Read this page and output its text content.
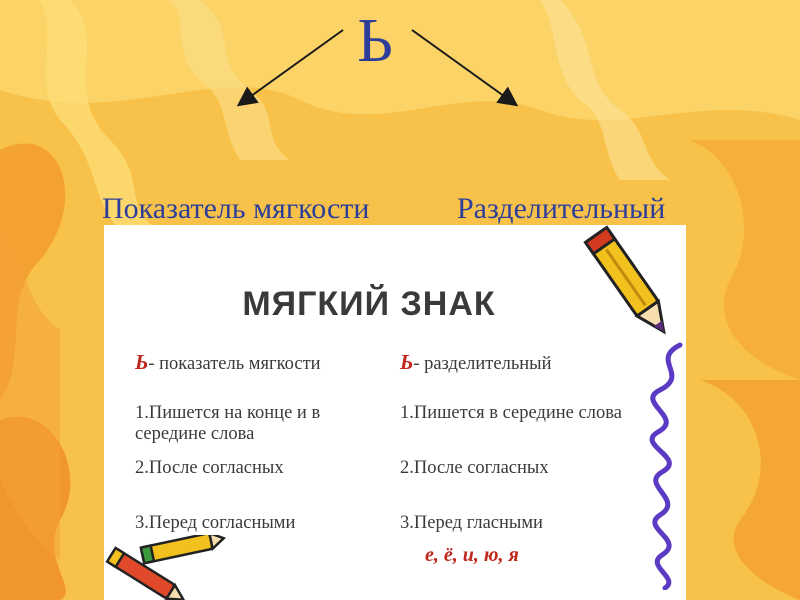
Ь
Показатель мягкости	Разделительный
МЯГКИЙ ЗНАК
Ь- показатель мягкости
1.Пишется на конце и в середине слова
2.После согласных
3.Перед согласными
Ь- разделительный
1.Пишется в середине слова
2.После согласных
3.Перед гласными
е, ё, и, ю, я
